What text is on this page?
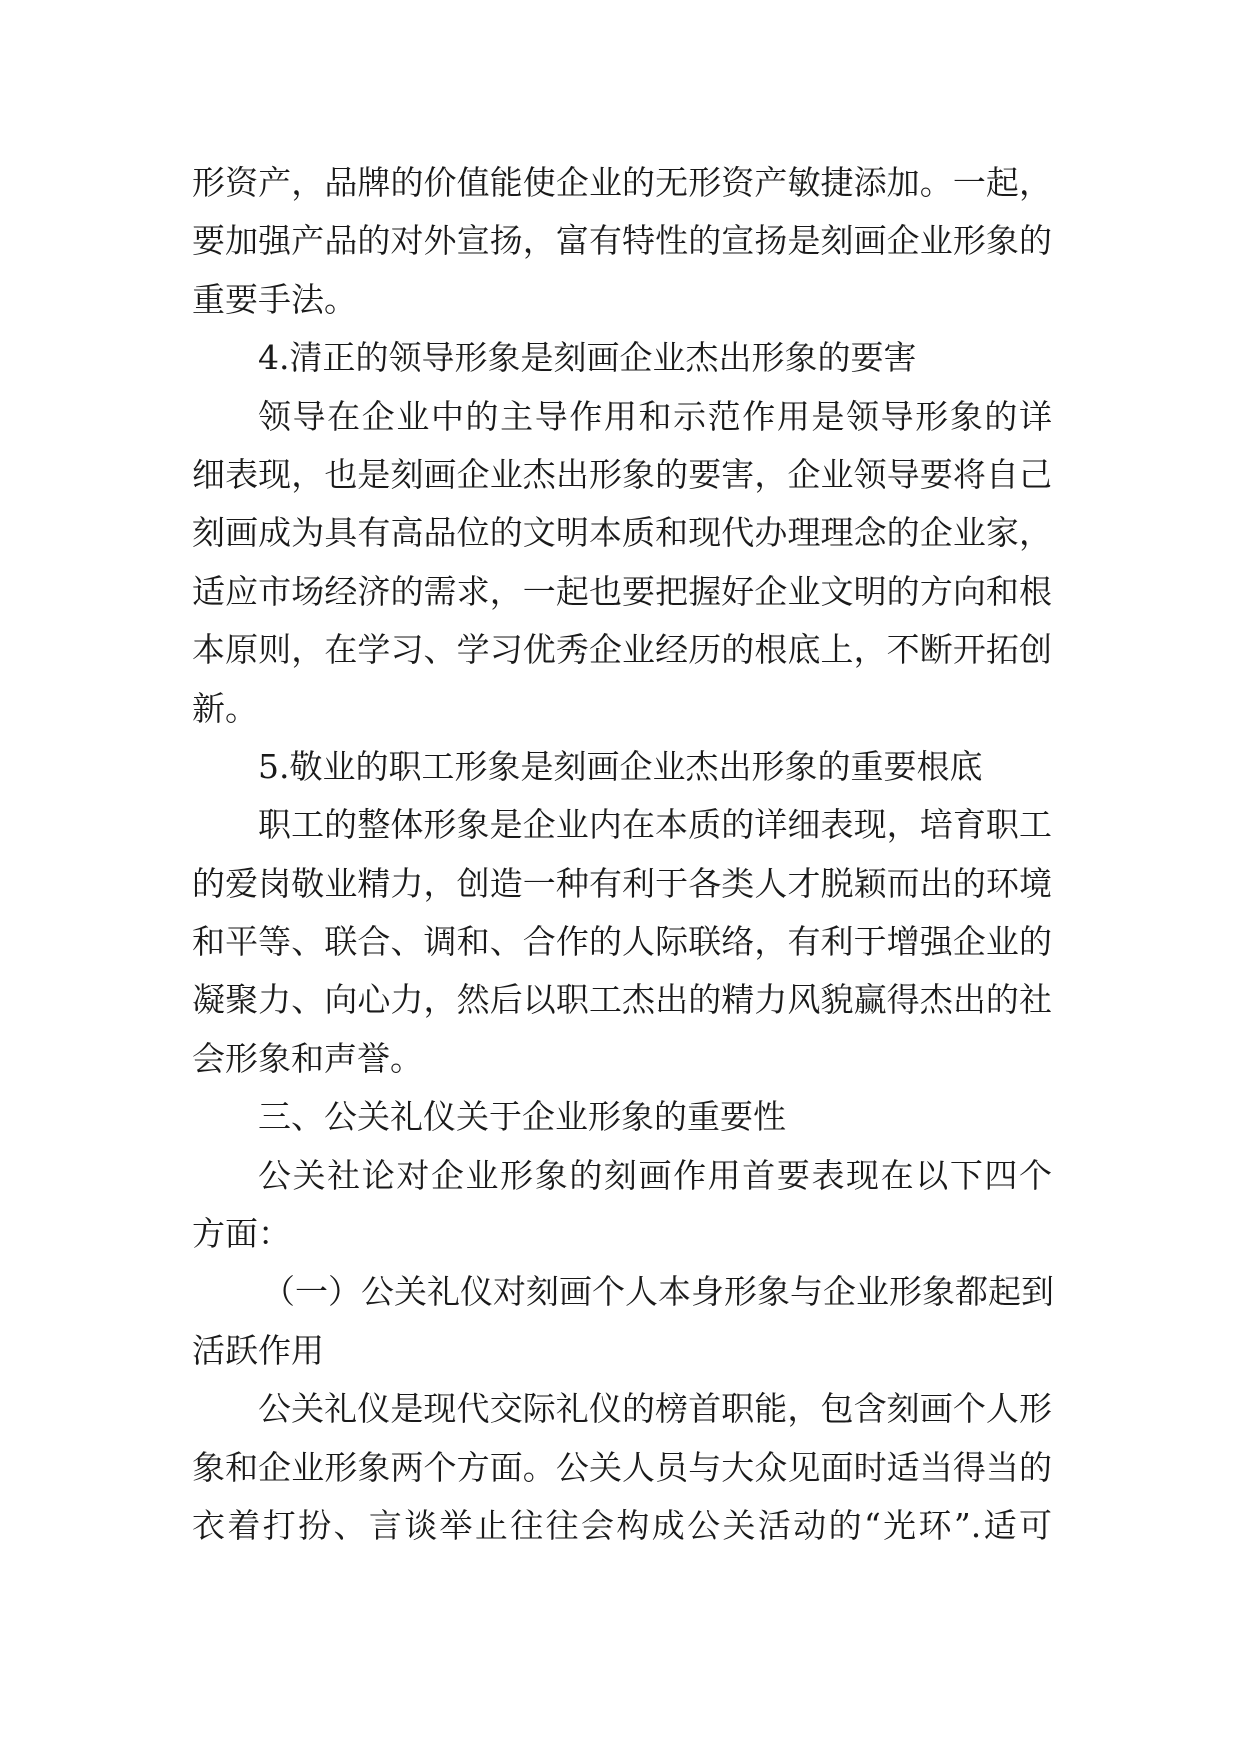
形资产，品牌的价值能使企业的无形资产敏捷添加。一起，
要加强产品的对外宣扬，富有特性的宣扬是刻画企业形象的
重要手法。
4.清正的领导形象是刻画企业杰出形象的要害
领导在企业中的主导作用和示范作用是领导形象的详
细表现，也是刻画企业杰出形象的要害，企业领导要将自己
刻画成为具有高品位的文明本质和现代办理理念的企业家，
适应市场经济的需求，一起也要把握好企业文明的方向和根
本原则，在学习、学习优秀企业经历的根底上，不断开拓创
新。
5.敬业的职工形象是刻画企业杰出形象的重要根底
职工的整体形象是企业内在本质的详细表现，培育职工
的爱岗敬业精力，创造一种有利于各类人才脱颖而出的环境
和平等、联合、调和、合作的人际联络，有利于增强企业的
凝聚力、向心力，然后以职工杰出的精力风貌赢得杰出的社
会形象和声誉。
三、公关礼仪关于企业形象的重要性
公关社论对企业形象的刻画作用首要表现在以下四个
方面：
（一）公关礼仪对刻画个人本身形象与企业形象都起到
活跃作用
公关礼仪是现代交际礼仪的榜首职能，包含刻画个人形
象和企业形象两个方面。公关人员与大众见面时适当得当的
衣着打扮、言谈举止往往会构成公关活动的“光环”.适可
